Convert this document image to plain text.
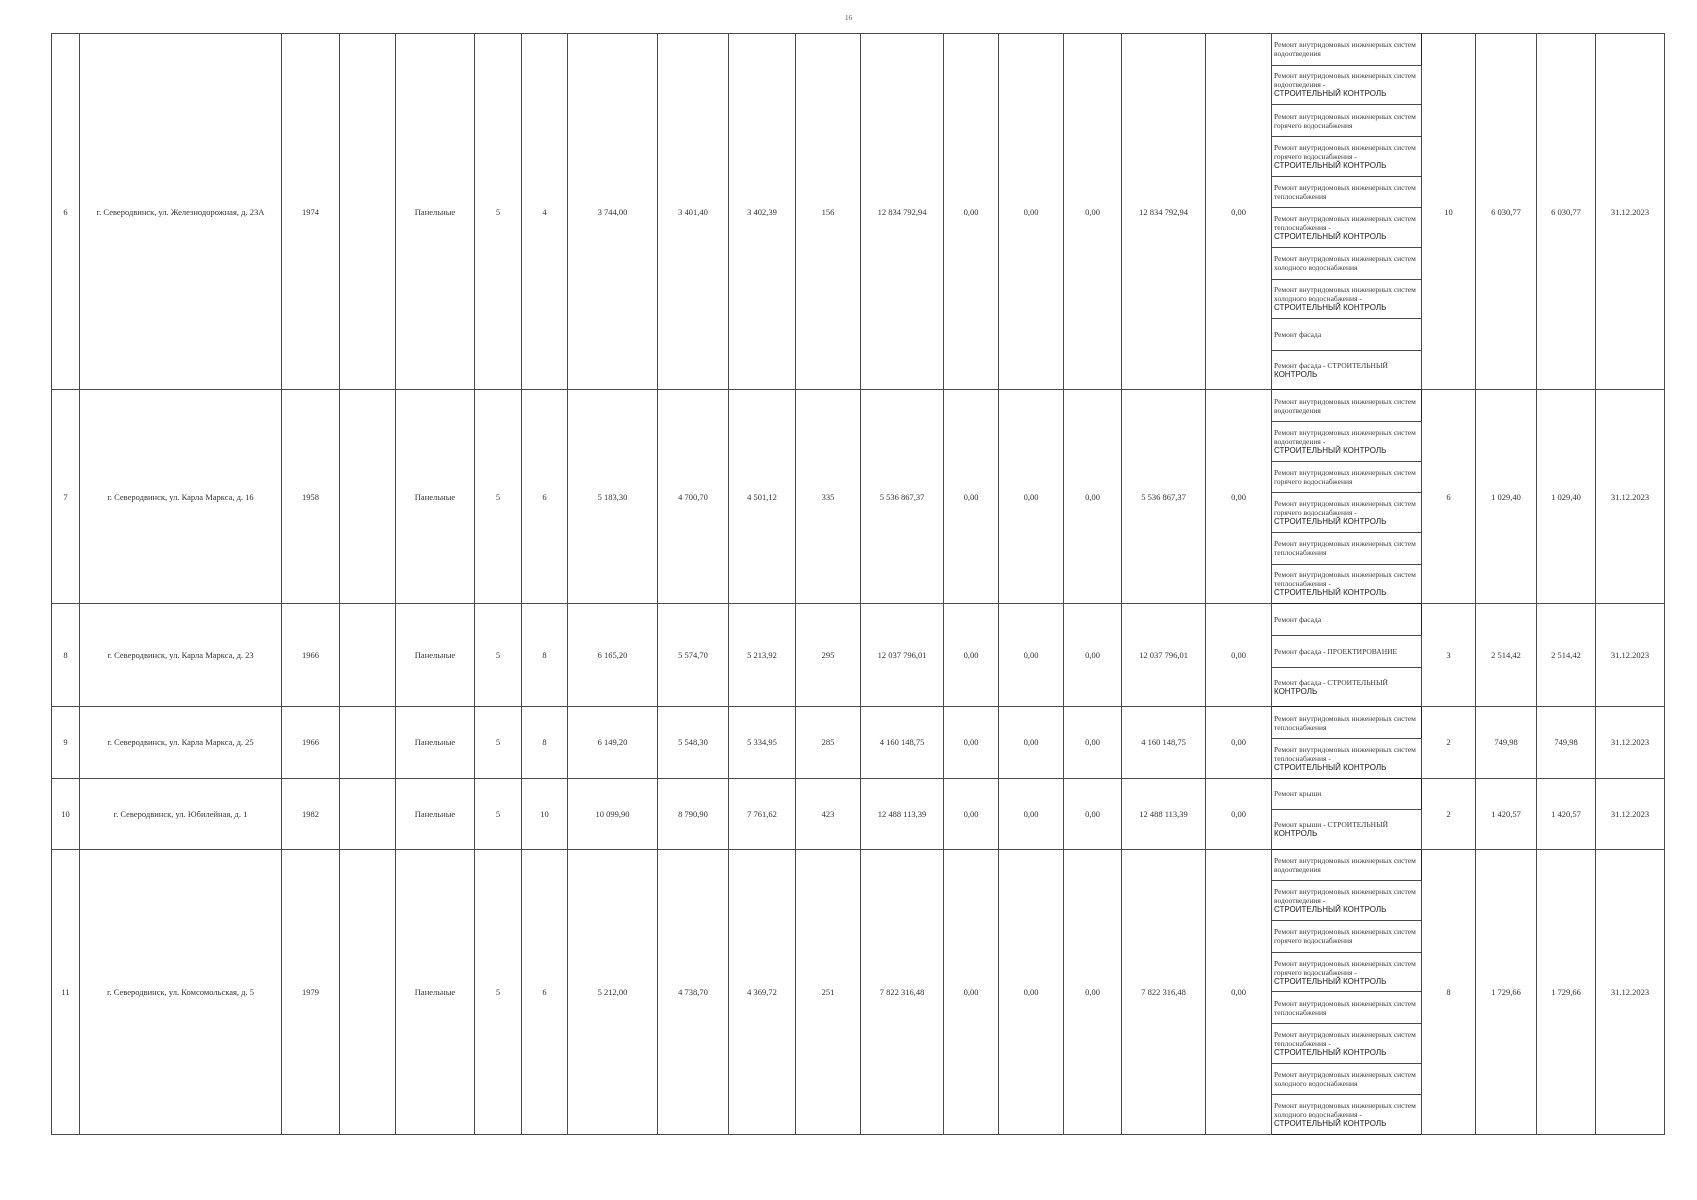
16
6	г. Северодвинск, ул. Железнодорожная, д. 23А	1974		Панельные	5	4	3 744,00	3 401,40	3 402,39	156	12 834 792,94	0,00	0,00	0,00	12 834 792,94	0,00	Ремонт внутридомовых инженерных систем водоотведения	10	6 030,77	6 030,77	31.12.2023

																	Ремонт внутридомовых инженерных систем водоотведения -
СТРОИТЕЛЬНЫЙ КОНТРОЛЬ				

																	Ремонт внутридомовых инженерных систем горячего водоснабжения				

																	Ремонт внутридомовых инженерных систем горячего водоснабжения -
СТРОИТЕЛЬНЫЙ КОНТРОЛЬ				

																	Ремонт внутридомовых инженерных систем теплоснабжения				

																	Ремонт внутридомовых инженерных систем теплоснабжения -
СТРОИТЕЛЬНЫЙ КОНТРОЛЬ				

																	Ремонт внутридомовых инженерных систем холодного водоснабжения				

																	Ремонт внутридомовых инженерных систем холодного водоснабжения -
СТРОИТЕЛЬНЫЙ КОНТРОЛЬ				

																	Ремонт фасада				

																	Ремонт фасада - СТРОИТЕЛЬНЫЙ
КОНТРОЛЬ				

7	г. Северодвинск, ул. Карла Маркса, д. 16	1958		Панельные	5	6	5 183,30	4 700,70	4 501,12	335	5 536 867,37	0,00	0,00	0,00	5 536 867,37	0,00	Ремонт внутридомовых инженерных систем водоотведения	6	1 029,40	1 029,40	31.12.2023

																	Ремонт внутридомовых инженерных систем водоотведения -
СТРОИТЕЛЬНЫЙ КОНТРОЛЬ				

																	Ремонт внутридомовых инженерных систем горячего водоснабжения				

																	Ремонт внутридомовых инженерных систем горячего водоснабжения -
СТРОИТЕЛЬНЫЙ КОНТРОЛЬ				

																	Ремонт внутридомовых инженерных систем теплоснабжения				

																	Ремонт внутридомовых инженерных систем теплоснабжения -
СТРОИТЕЛЬНЫЙ КОНТРОЛЬ				

8	г. Северодвинск, ул. Карла Маркса, д. 23	1966		Панельные	5	8	6 165,20	5 574,70	5 213,92	295	12 037 796,01	0,00	0,00	0,00	12 037 796,01	0,00	Ремонт фасада	3	2 514,42	2 514,42	31.12.2023

																	Ремонт фасада - ПРОЕКТИРОВАНИЕ				

																	Ремонт фасада - СТРОИТЕЛЬНЫЙ
КОНТРОЛЬ				

9	г. Северодвинск, ул. Карла Маркса, д. 25	1966		Панельные	5	8	6 149,20	5 548,30	5 334,95	285	4 160 148,75	0,00	0,00	0,00	4 160 148,75	0,00	Ремонт внутридомовых инженерных систем теплоснабжения	2	749,98	749,98	31.12.2023

																	Ремонт внутридомовых инженерных систем теплоснабжения -
СТРОИТЕЛЬНЫЙ КОНТРОЛЬ				

10	г. Северодвинск, ул. Юбилейная, д. 1	1982		Панельные	5	10	10 099,90	8 790,90	7 761,62	423	12 488 113,39	0,00	0,00	0,00	12 488 113,39	0,00	Ремонт крыши	2	1 420,57	1 420,57	31.12.2023

																	Ремонт крыши - СТРОИТЕЛЬНЫЙ
КОНТРОЛЬ				

11	г. Северодвинск, ул. Комсомольская, д. 5	1979		Панельные	5	6	5 212,00	4 738,70	4 369,72	251	7 822 316,48	0,00	0,00	0,00	7 822 316,48	0,00	Ремонт внутридомовых инженерных систем водоотведения	8	1 729,66	1 729,66	31.12.2023

																	Ремонт внутридомовых инженерных систем водоотведения -
СТРОИТЕЛЬНЫЙ КОНТРОЛЬ				

																	Ремонт внутридомовых инженерных систем горячего водоснабжения				

																	Ремонт внутридомовых инженерных систем горячего водоснабжения -
СТРОИТЕЛЬНЫЙ КОНТРОЛЬ				

																	Ремонт внутридомовых инженерных систем теплоснабжения				

																	Ремонт внутридомовых инженерных систем теплоснабжения -
СТРОИТЕЛЬНЫЙ КОНТРОЛЬ				

																	Ремонт внутридомовых инженерных систем холодного водоснабжения				

																	Ремонт внутридомовых инженерных систем холодного водоснабжения -
СТРОИТЕЛЬНЫЙ КОНТРОЛЬ				
